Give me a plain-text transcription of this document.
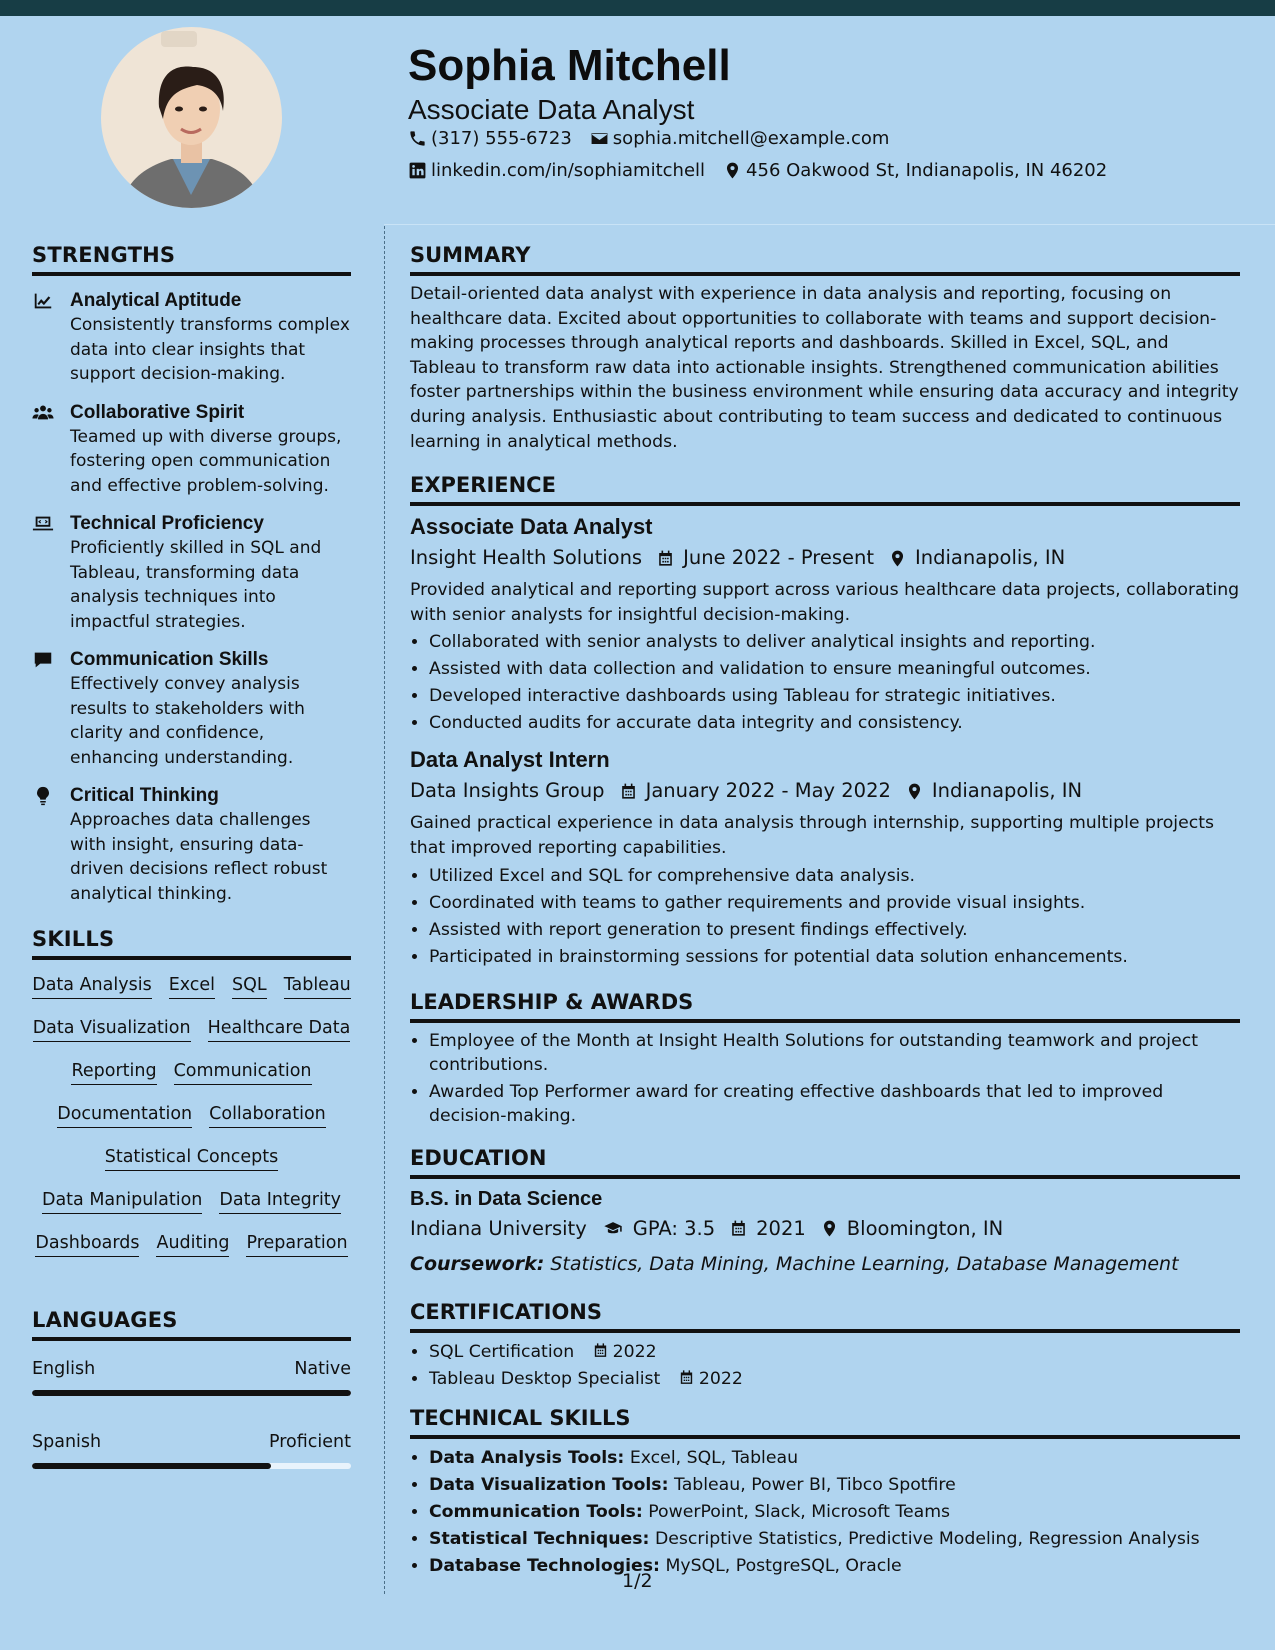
Sophia Mitchell
Associate Data Analyst
(317) 555-6723 sophia.mitchell@example.com
linkedin.com/in/sophiamitchell 456 Oakwood St, Indianapolis, IN 46202
STRENGTHS
Analytical Aptitude
Consistently transforms complex data into clear insights that support decision-making.
Collaborative Spirit
Teamed up with diverse groups, fostering open communication and effective problem-solving.
Technical Proficiency
Proficiently skilled in SQL and Tableau, transforming data analysis techniques into impactful strategies.
Communication Skills
Effectively convey analysis results to stakeholders with clarity and confidence, enhancing understanding.
Critical Thinking
Approaches data challenges with insight, ensuring data-driven decisions reflect robust analytical thinking.
SKILLS
Data Analysis Excel SQL Tableau
Data Visualization Healthcare Data
Reporting Communication
Documentation Collaboration
Statistical Concepts
Data Manipulation Data Integrity
Dashboards Auditing Preparation
LANGUAGES
English	Native
Spanish	Proficient
SUMMARY

Detail-oriented data analyst with experience in data analysis and reporting, focusing on healthcare data. Excited about opportunities to collaborate with teams and support decision-making processes through analytical reports and dashboards. Skilled in Excel, SQL, and Tableau to transform raw data into actionable insights. Strengthened communication abilities foster partnerships within the business environment while ensuring data accuracy and integrity during analysis. Enthusiastic about contributing to team success and dedicated to continuous learning in analytical methods.

EXPERIENCE
Associate Data Analyst
Insight Health Solutions June 2022 - Present Indianapolis, IN

Provided analytical and reporting support across various healthcare data projects, collaborating with senior analysts for insightful decision-making.

• Collaborated with senior analysts to deliver analytical insights and reporting.
• Assisted with data collection and validation to ensure meaningful outcomes.
• Developed interactive dashboards using Tableau for strategic initiatives.
• Conducted audits for accurate data integrity and consistency.
Data Analyst Intern
Data Insights Group January 2022 - May 2022 Indianapolis, IN

Gained practical experience in data analysis through internship, supporting multiple projects that improved reporting capabilities.

• Utilized Excel and SQL for comprehensive data analysis.
• Coordinated with teams to gather requirements and provide visual insights.
• Assisted with report generation to present findings effectively.
• Participated in brainstorming sessions for potential data solution enhancements.
LEADERSHIP & AWARDS
• Employee of the Month at Insight Health Solutions for outstanding teamwork and project contributions.
• Awarded Top Performer award for creating effective dashboards that led to improved decision-making.
EDUCATION
B.S. in Data Science
Indiana University GPA: 3.5 2021 Bloomington, IN
Coursework: Statistics, Data Mining, Machine Learning, Database Management
CERTIFICATIONS
• SQL Certification 2022
• Tableau Desktop Specialist 2022
TECHNICAL SKILLS
• Data Analysis Tools: Excel, SQL, Tableau
• Data Visualization Tools: Tableau, Power BI, Tibco Spotfire
• Communication Tools: PowerPoint, Slack, Microsoft Teams
• Statistical Techniques: Descriptive Statistics, Predictive Modeling, Regression Analysis
• Database Technologies: MySQL, PostgreSQL, Oracle
1/2
